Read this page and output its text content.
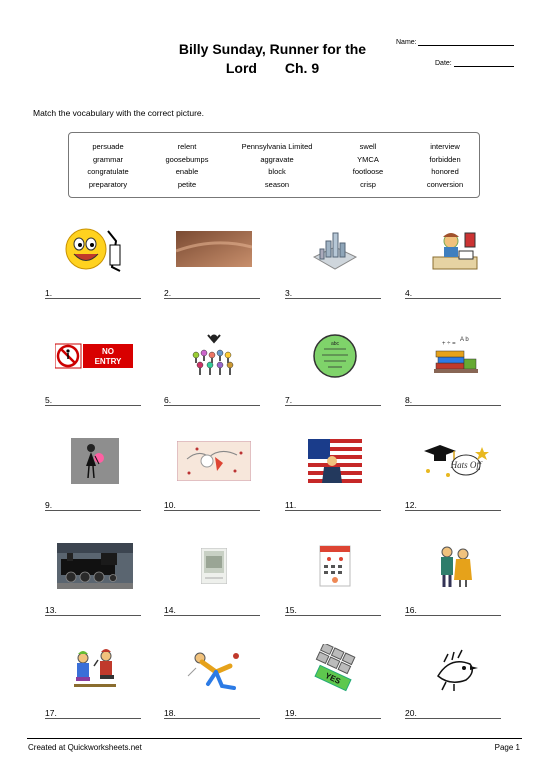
Billy Sunday, Runner for the
Lord Ch. 9
Name:
Date:
Match the vocabulary with the correct picture.
persuade	relent	Pennsylvania Limited	swell	interview
grammar	goosebumps	aggravate	YMCA	forbidden
congratulate	enable	block	footloose	honored
preparatory	petite	season	crisp	conversion
1.	2.	3.	4.
NO
ENTRY
5.	6.
abc
7.
+ ÷ =
A b
8.
9.	10.	11.
Hats Off
12.
13.	14.	15.	16.
17.	18.
YES
19.	20.
Created at Quickworksheets.net	Page 1
